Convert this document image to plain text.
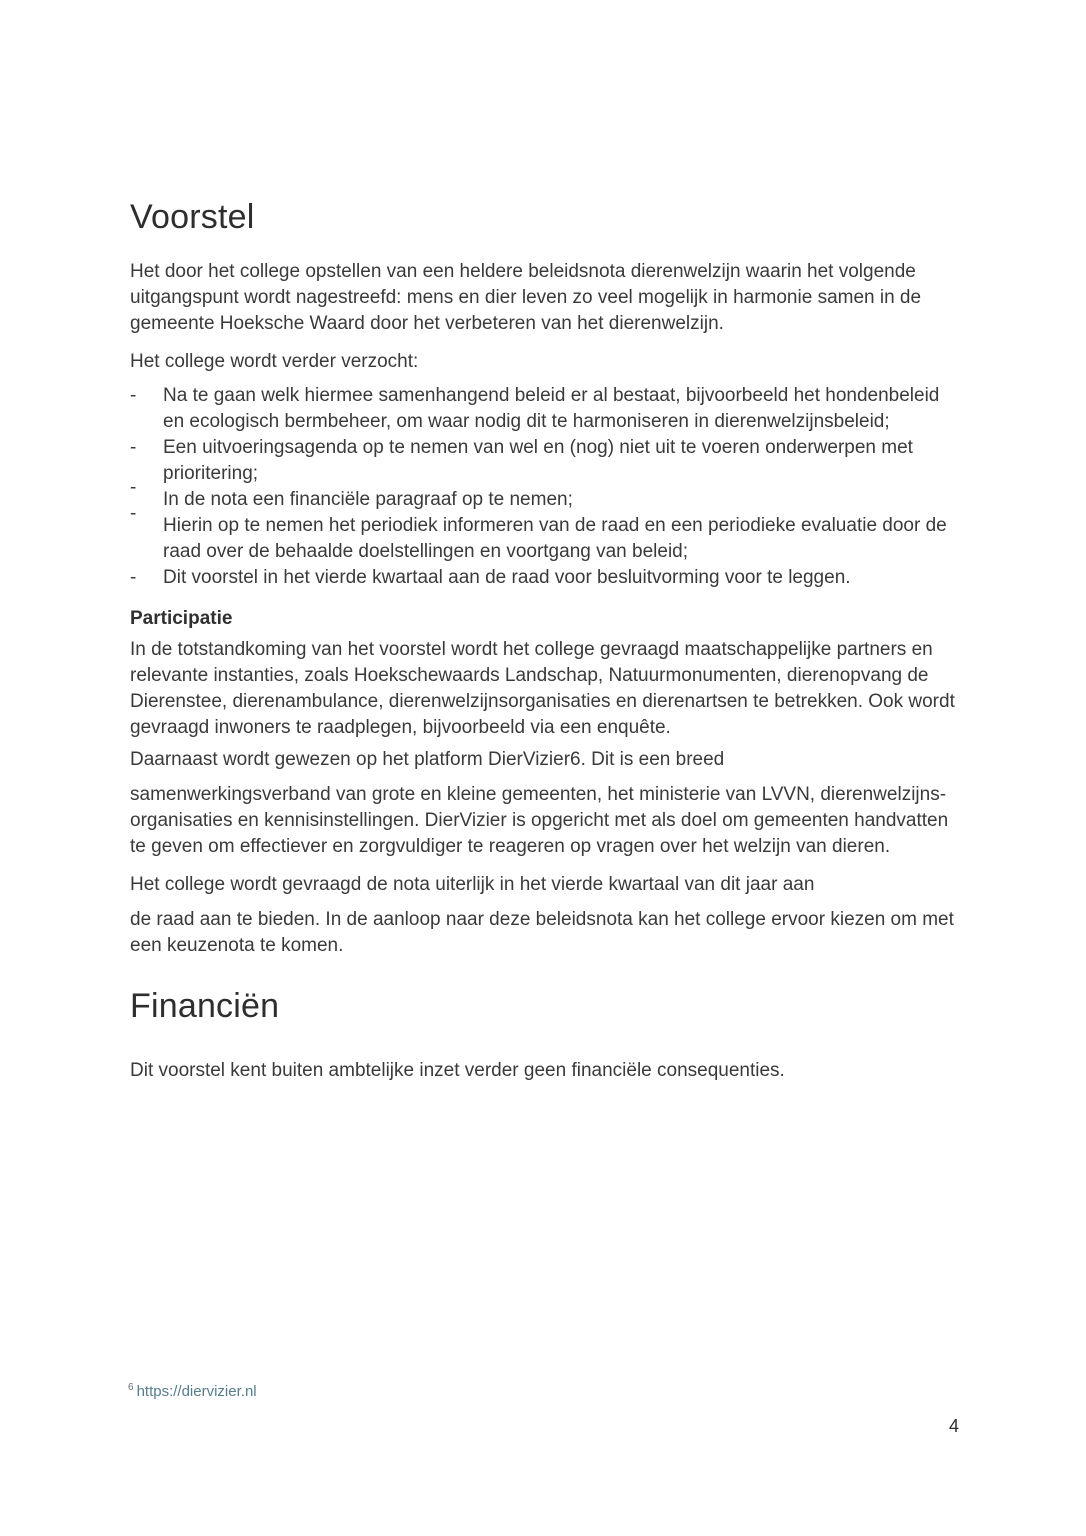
Voorstel

Het door het college opstellen van een heldere beleidsnota dierenwelzijn waarin het volgende uitgangspunt wordt nagestreefd: mens en dier leven zo veel mogelijk in harmonie samen in de gemeente Hoeksche Waard door het verbeteren van het dierenwelzijn.

Het college wordt verder verzocht:

-	Na te gaan welk hiermee samenhangend beleid er al bestaat, bijvoorbeeld het hondenbeleid en ecologisch bermbeheer, om waar nodig dit te harmoniseren in dierenwelzijnsbeleid;
-	Een uitvoeringsagenda op te nemen van wel en (nog) niet uit te voeren onderwerpen met prioritering;
-
In de nota een financiële paragraaf op te nemen;
-
Hierin op te nemen het periodiek informeren van de raad en een periodieke evaluatie door de raad over de behaalde doelstellingen en voortgang van beleid;
-	Dit voorstel in het vierde kwartaal aan de raad voor besluitvorming voor te leggen.
Participatie

In de totstandkoming van het voorstel wordt het college gevraagd maatschappelijke partners en relevante instanties, zoals Hoekschewaards Landschap, Natuurmonumenten, dierenopvang de Dierenstee, dierenambulance, dierenwelzijnsorganisaties en dierenartsen te betrekken. Ook wordt gevraagd inwoners te raadplegen, bijvoorbeeld via een enquête.

Daarnaast wordt gewezen op het platform DierVizier6. Dit is een breed
samenwerkingsverband van grote en kleine gemeenten, het ministerie van LVVN, dierenwelzijns-organisaties en kennisinstellingen. DierVizier is opgericht met als doel om gemeenten handvatten te geven om effectiever en zorgvuldiger te reageren op vragen over het welzijn van dieren.
Het college wordt gevraagd de nota uiterlijk in het vierde kwartaal van dit jaar aan
de raad aan te bieden. In de aanloop naar deze beleidsnota kan het college ervoor kiezen om met een keuzenota te komen.
Financiën

Dit voorstel kent buiten ambtelijke inzet verder geen financiële consequenties.

$^6$ https://diervizier.nl
4
